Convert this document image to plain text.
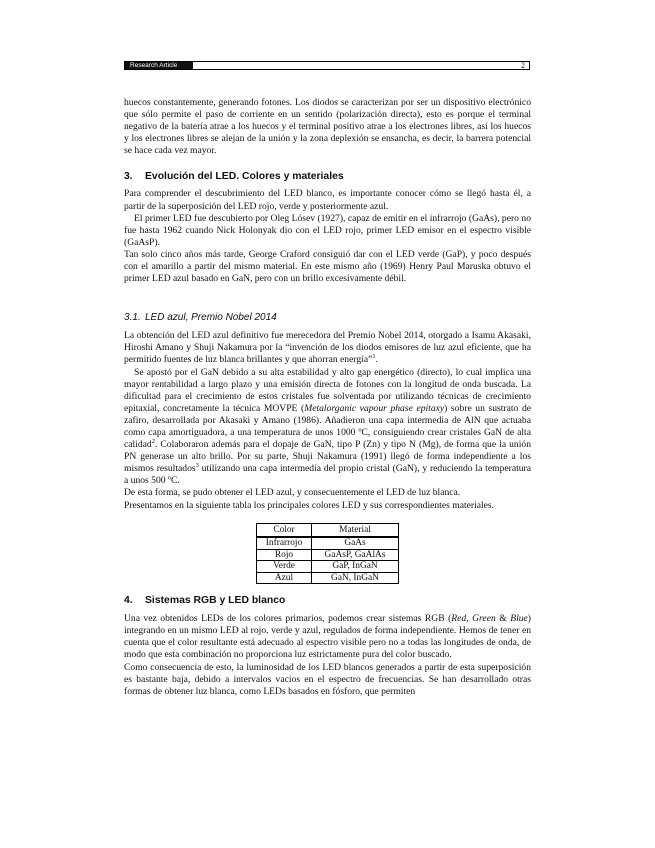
Research Article	2

huecos constantemente, generando fotones. Los diodos se caracterizan por ser un dispositivo electrónico que sólo permite el paso de corriente en un sentido (polarización directa), esto es porque el terminal negativo de la batería atrae a los huecos y el terminal positivo atrae a los electrones libres, así los huecos y los electrones libres se alejan de la unión y la zona deplexión se ensancha, es decir, la barrera potencial se hace cada vez mayor.

3. Evolución del LED. Colores y materiales

Para comprender el descubrimiento del LED blanco, es importante conocer cómo se llegó hasta él, a partir de la superposición del LED rojo, verde y posteriormente azul.

El primer LED fue descubierto por Oleg Lósev (1927), capaz de emitir en el infrarrojo (GaAs), pero no fue hasta 1962 cuando Nick Holonyak dio con el LED rojo, primer LED emisor en el espectro visible (GaAsP).

Tan solo cinco años más tarde, George Craford consiguió dar con el LED verde (GaP), y poco después con el amarillo a partir del mismo material. En este mismo año (1969) Henry Paul Maruska obtuvo el primer LED azul basado en GaN, pero con un brillo excesivamente débil.

3.1. LED azul, Premio Nobel 2014

La obtención del LED azul definitivo fue merecedora del Premio Nobel 2014, otorgado a Isamu Akasaki, Hiroshi Amano y Shuji Nakamura por la “invención de los diodos emisores de luz azul eficiente, que ha permitido fuentes de luz blanca brillantes y que ahorran energía”$^1$.

Se apostó por el GaN debido a su alta estabilidad y alto gap energético (directo), lo cual implica una mayor rentabilidad a largo plazo y una emisión directa de fotones con la longitud de onda buscada. La dificultad para el crecimiento de estos cristales fue solventada por utilizando técnicas de crecimiento epitaxial, concretamente la técnica MOVPE (Metalorganic vapour phase epitaxy) sobre un sustrato de zafiro, desarrollada por Akasaki y Amano (1986). Añadieron una capa intermedia de AlN que actuaba como capa amortiguadora, a una temperatura de unos 1000 ºC, consiguiendo crear cristales GaN de alta calidad$^2$. Colaboraron además para el dopaje de GaN, tipo P (Zn) y tipo N (Mg), de forma que la unión PN generase un alto brillo. Por su parte, Shuji Nakamura (1991) llegó de forma independiente a los mismos resultados$^3$ utilizando una capa intermedia del propio cristal (GaN), y reduciendo la temperatura a unos 500 ºC.

De esta forma, se pudo obtener el LED azul, y consecuentemente el LED de luz blanca.

Presentamos en la siguiente tabla los principales colores LED y sus correspondientes materiales.

Color	Material
Infrarrojo	GaAs
Rojo	GaAsP, GaAlAs
Verde	GaP, InGaN
Azul	GaN, InGaN
4. Sistemas RGB y LED blanco

Una vez obtenidos LEDs de los colores primarios, podemos crear sistemas RGB (Red, Green & Blue) integrando en un mismo LED al rojo, verde y azul, regulados de forma independiente. Hemos de tener en cuenta que el color resultante está adecuado al espectro visible pero no a todas las longitudes de onda, de modo que esta combinación no proporciona luz estrictamente pura del color buscado.

Como consecuencia de esto, la luminosidad de los LED blancos generados a partir de esta superposición es bastante baja, debido a intervalos vacíos en el espectro de frecuencias. Se han desarrollado otras formas de obtener luz blanca, como LEDs basados en fósforo, que permiten
